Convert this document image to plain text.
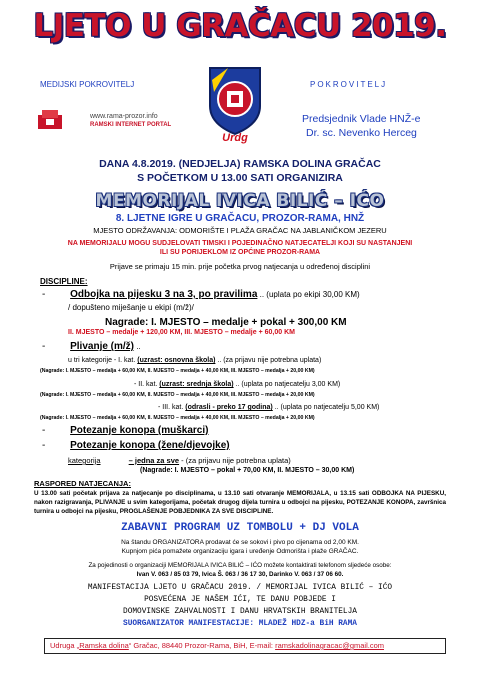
LJETO U GRAČACU 2019.
MEDIJSKI POKROVITELJ
www.rama-prozor.info
RAMSKI INTERNET PORTAL
Urdg
POKROVITELJ
Predsjednik Vlade HNŽ-e
Dr. sc. Nevenko Herceg
DANA 4.8.2019. (NEDJELJA) RAMSKA DOLINA GRAČAC
S POČETKOM U 13.00 SATI ORGANIZIRA
MEMORIJAL IVICA BILIĆ – IĆO
8. LJETNE IGRE U GRAČACU, PROZOR-RAMA, HNŽ
MJESTO ODRŽAVANJA: ODMORIŠTE I PLAŽA GRAČAC NA JABLANIČKOM JEZERU
NA MEMORIJALU MOGU SUDJELOVATI TIMSKI I POJEDINAČNO NATJECATELJI KOJI SU NASTANJENI
ILI SU PORIJEKLOM IZ OPĆINE PROZOR-RAMA
Prijave se primaju 15 min. prije početka prvog natjecanja u određenoj disciplini
DISCIPLINE:
- Odbojka na pijesku 3 na 3, po pravilima .. (uplata po ekipi 30,00 KM)
/ dopušteno miješanje u ekipi (m/ž)/
Nagrade: I. MJESTO – medalje + pokal + 300,00 KM
II. MJESTO – medalje + 120,00 KM, III. MJESTO – medalje + 60,00 KM
- Plivanje (m/ž) ..
u tri kategorije - I. kat. (uzrast: osnovna škola) .. (za prijavu nije potrebna uplata)
(Nagrade: I. MJESTO – medalja + 60,00 KM, II. MJESTO – medalja + 40,00 KM, III. MJESTO – medalja + 20,00 KM)
- II. kat. (uzrast: srednja škola) .. (uplata po natjecatelju 3,00 KM)
(Nagrade: I. MJESTO – medalja + 60,00 KM, II. MJESTO – medalja + 40,00 KM, III. MJESTO – medalja + 20,00 KM)
- III. kat. (odrasli - preko 17 godina) .. (uplata po natjecatelju 5,00 KM)
(Nagrade: I. MJESTO – medalja + 60,00 KM, II. MJESTO – medalja + 40,00 KM, III. MJESTO – medalja + 20,00 KM)
- Potezanje konopa (muškarci)
- Potezanje konopa (žene/djevojke)
kategorija	– jedna za sve - (za prijavu nije potrebna uplata)
(Nagrade: I. MJESTO – pokal + 70,00 KM, II. MJESTO – 30,00 KM)
RASPORED NATJECANJA:
U 13.00 sati početak prijava za natjecanje po disciplinama, u 13.10 sati otvaranje MEMORIJALA, u 13.15 sati ODBOJKA NA PIJESKU, nakon razigravanja, PLIVANJE u svim kategorijama, početak drugog dijela turnira u odbojci na pijesku, POTEZANJE KONOPA, završnica turnira u odbojci na pijesku, PROGLAŠENJE POBJEDNIKA ZA SVE DISCIPLINE.
ZABAVNI PROGRAM UZ TOMBOLU + DJ VOLA
Na štandu ORGANIZATORA prodavat će se sokovi i pivo po cijenama od 2,00 KM.
Kupnjom pića pomažete organizaciju igara i uređenje Odmorišta i plaže GRAČAC.
Za pojedinosti o organizaciji MEMORIJALA IVICA BILIĆ – IĆO možete kontaktirati telefonom sljedeće osobe:
Ivan V. 063 / 85 03 79, Ivica Š. 063 / 36 17 30, Darinko V. 063 / 37 06 60.
MANIFESTACIJA LJETO U GRAČACU 2019. / MEMORIJAL IVICA BILIĆ – IĆO
POSVEĆENA JE NAŠEM IĆI, TE DANU POBJEDE I
DOMOVINSKE ZAHVALNOSTI I DANU HRVATSKIH BRANITELJA
SUORGANIZATOR MANIFESTACIJE: MLADEŽ HDZ-a BiH RAMA
Udruga „Ramska dolina“ Gračac, 88440 Prozor-Rama, BiH, E-mail: ramskadolinagracac@gmail.com
